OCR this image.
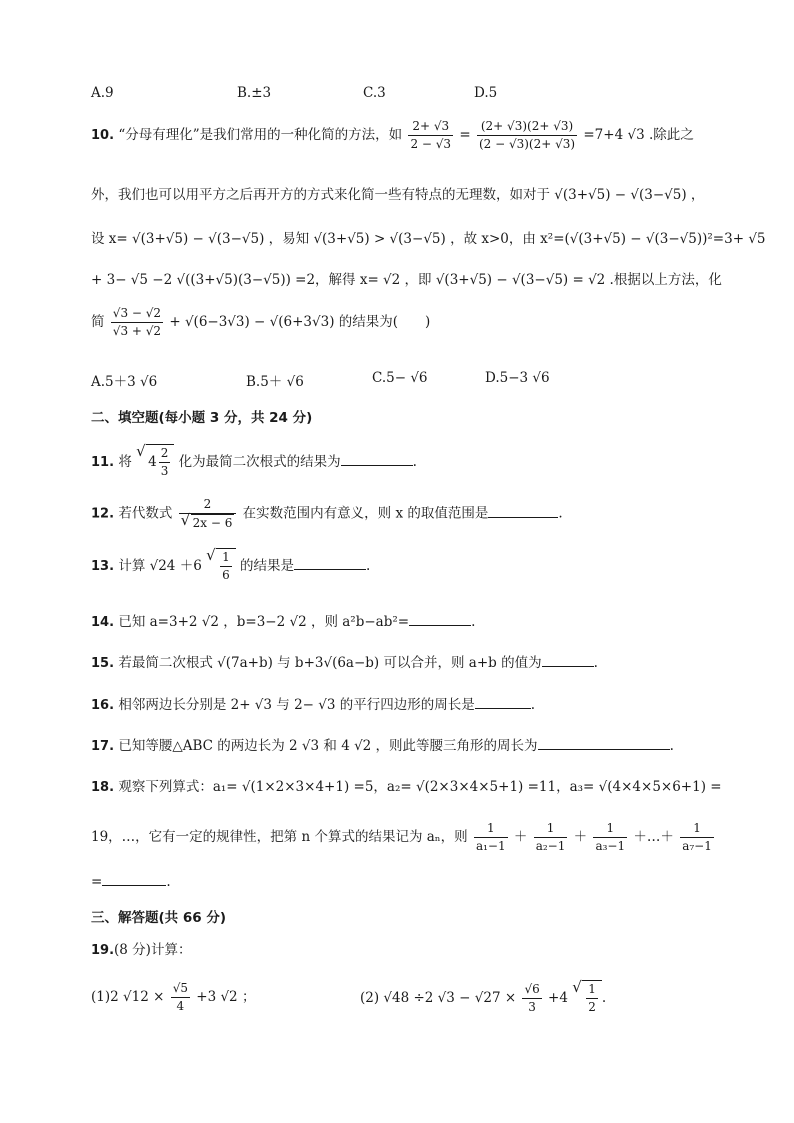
A.9	B.±3	C.3	D.5
10. “分母有理化”是我们常用的一种化简的方法，如 $\frac{2+ √3}{2 - √3} = \frac{(2+ √3)(2+ √3)}{(2 - √3)(2+ √3)} =7+4$ √3 .除此之
外，我们也可以用平方之后再开方的方式来化简一些有特点的无理数，如对于 √(3+√5) − √(3−√5) ，
设 x= √(3+√5) − √(3−√5) ，易知 √(3+√5) > √(3−√5) ，故 x>0，由 x²=(√(3+√5) − √(3−√5))²=3+ √5
+ 3− √5 −2 √((3+√5)(3−√5)) =2，解得 x= √2 ，即 √(3+√5) − √(3−√5) = √2 .根据以上方法，化
简 $\frac{√3 - √2}{√3 + √2} + √(6-3√3) - √(6+3√3)$ 的结果为(　　)
A.5＋3 √6	B.5＋ √6	C.5− √6	D.5−3 √6
二、填空题(每小题 3 分，共 24 分)
11. 将 √ $4 \frac{2}{3}$ 化为最简二次根式的结果为	.
12. 若代数式 2
√ 2x − 6 在实数范围内有意义，则 x 的取值范围是	.
13. 计算 √24 ＋6 √ $\frac{1}{6}$ 的结果是	.
14. 已知 a=3+2 √2 ，b=3−2 √2 ，则 a²b−ab²=	.
15. 若最简二次根式 √(7a+b) 与 b+3√(6a−b) 可以合并，则 a+b 的值为	.
16. 相邻两边长分别是 2+ √3 与 2− √3 的平行四边形的周长是	.
17. 已知等腰△ABC 的两边长为 2 √3 和 4 √2 ，则此等腰三角形的周长为	.
18. 观察下列算式：a₁= √(1×2×3×4+1) =5，a₂= √(2×3×4×5+1) =11，a₃= √(4×4×5×6+1) =
19，…，它有一定的规律性，把第 n 个算式的结果记为 aₙ，则 $\frac{1}{\text{a₁−1}} + \frac{1}{\text{a₂−1}} + \frac{1}{\text{a₃−1}}$ ＋…＋ $\frac{1}{\text{a₇−1}}$
=	.
三、解答题(共 66 分)
19.(8 分)计算：
(1)2 $√12 \times \frac{√5}{4} +3$ √2 ；	(2) √48 ÷2 $√3 - √27 \times \frac{√6}{3} +4$ √ $\frac{1}{2}$ .
